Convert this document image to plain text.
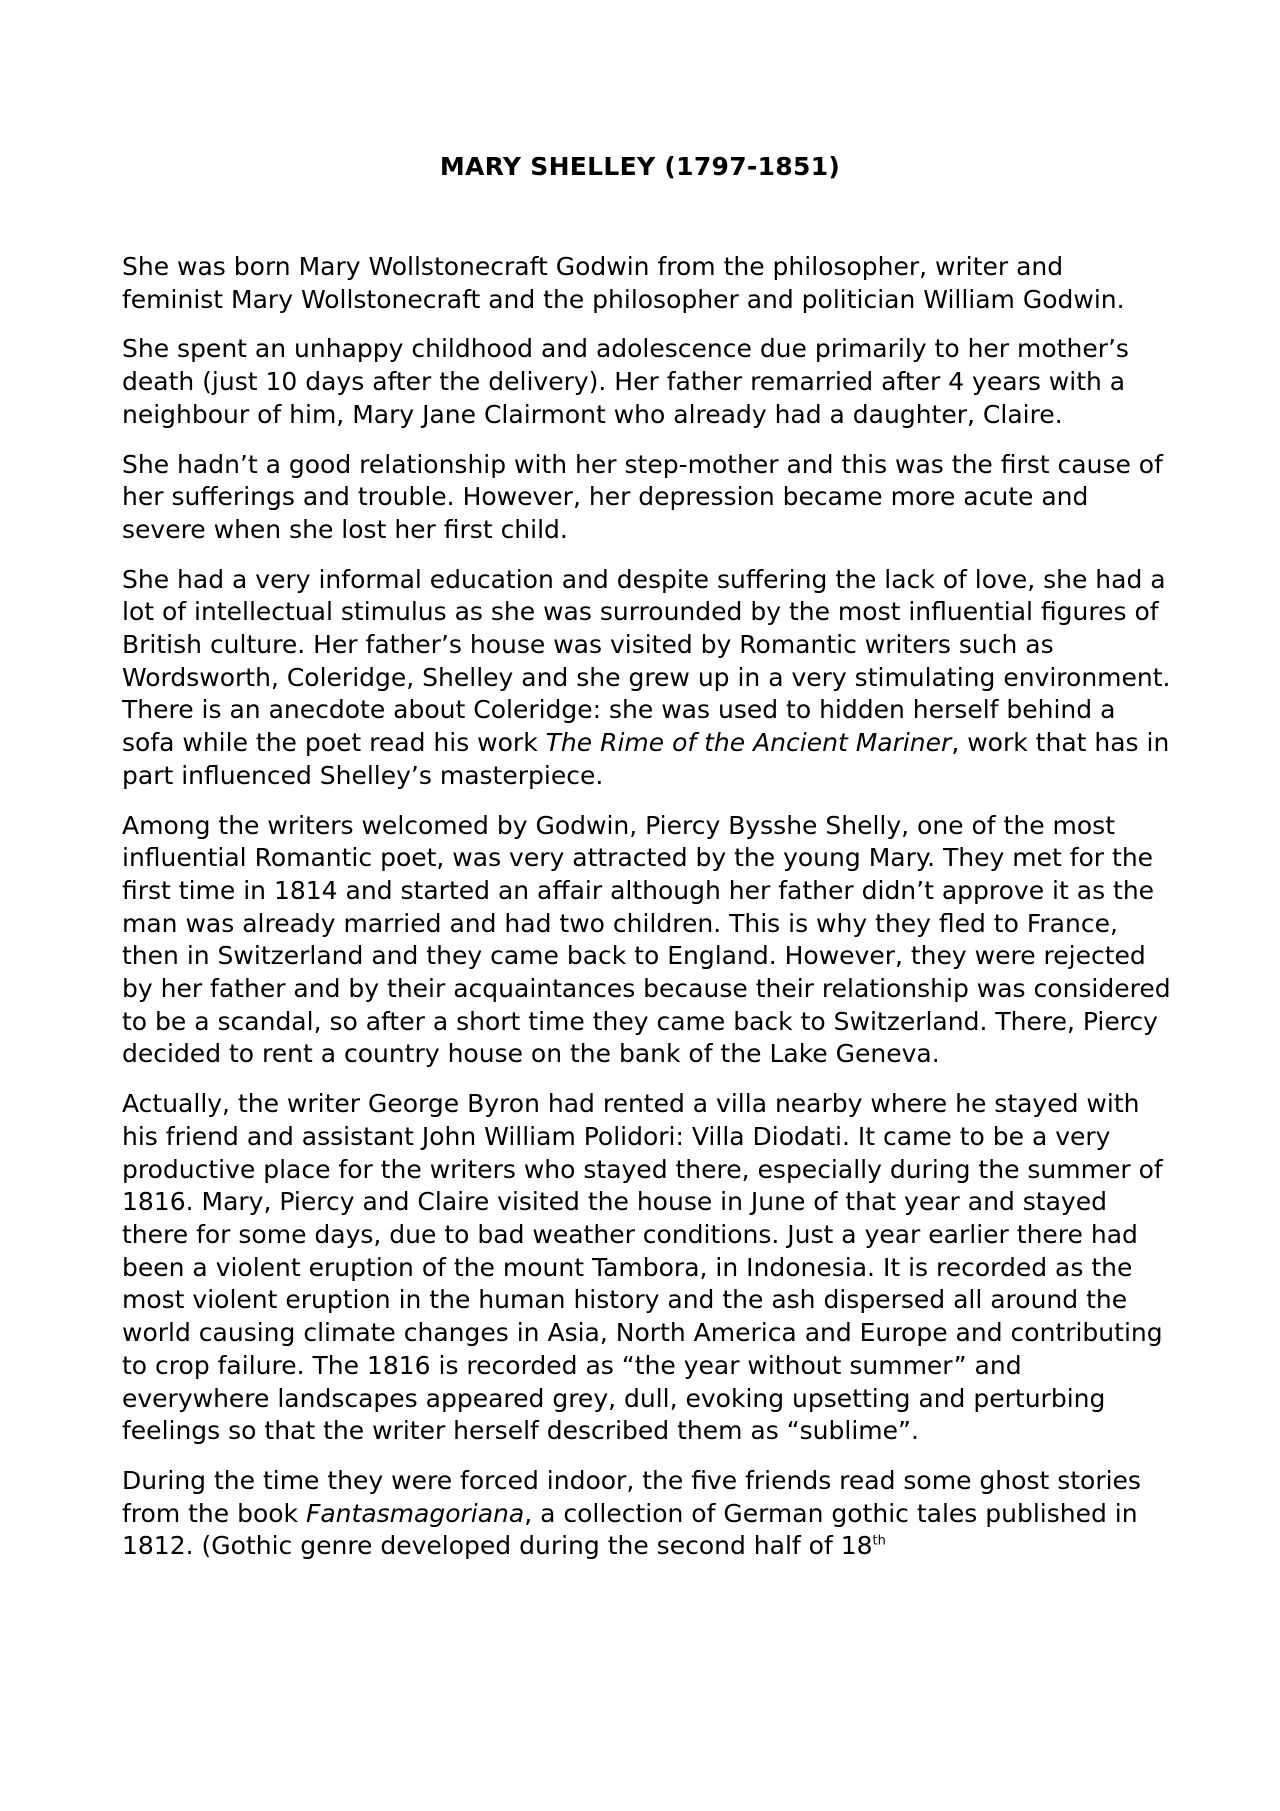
MARY SHELLEY (1797-1851)

She was born Mary Wollstonecraft Godwin from the philosopher, writer and feminist Mary Wollstonecraft and the philosopher and politician William Godwin.

She spent an unhappy childhood and adolescence due primarily to her mother’s death (just 10 days after the delivery). Her father remarried after 4 years with a neighbour of him, Mary Jane Clairmont who already had a daughter, Claire.

She hadn’t a good relationship with her step-mother and this was the first cause of her sufferings and trouble. However, her depression became more acute and severe when she lost her first child.

She had a very informal education and despite suffering the lack of love, she had a lot of intellectual stimulus as she was surrounded by the most influential figures of British culture. Her father’s house was visited by Romantic writers such as Wordsworth, Coleridge, Shelley and she grew up in a very stimulating environment. There is an anecdote about Coleridge: she was used to hidden herself behind a sofa while the poet read his work The Rime of the Ancient Mariner, work that has in part influenced Shelley’s masterpiece.

Among the writers welcomed by Godwin, Piercy Bysshe Shelly, one of the most influential Romantic poet, was very attracted by the young Mary. They met for the first time in 1814 and started an affair although her father didn’t approve it as the man was already married and had two children. This is why they fled to France, then in Switzerland and they came back to England. However, they were rejected by her father and by their acquaintances because their relationship was considered to be a scandal, so after a short time they came back to Switzerland. There, Piercy decided to rent a country house on the bank of the Lake Geneva.

Actually, the writer George Byron had rented a villa nearby where he stayed with his friend and assistant John William Polidori: Villa Diodati. It came to be a very productive place for the writers who stayed there, especially during the summer of 1816. Mary, Piercy and Claire visited the house in June of that year and stayed there for some days, due to bad weather conditions. Just a year earlier there had been a violent eruption of the mount Tambora, in Indonesia. It is recorded as the most violent eruption in the human history and the ash dispersed all around the world causing climate changes in Asia, North America and Europe and contributing to crop failure. The 1816 is recorded as “the year without summer” and everywhere landscapes appeared grey, dull, evoking upsetting and perturbing feelings so that the writer herself described them as “sublime”.

During the time they were forced indoor, the five friends read some ghost stories from the book Fantasmagoriana, a collection of German gothic tales published in 1812. (Gothic genre developed during the second half of 18th
